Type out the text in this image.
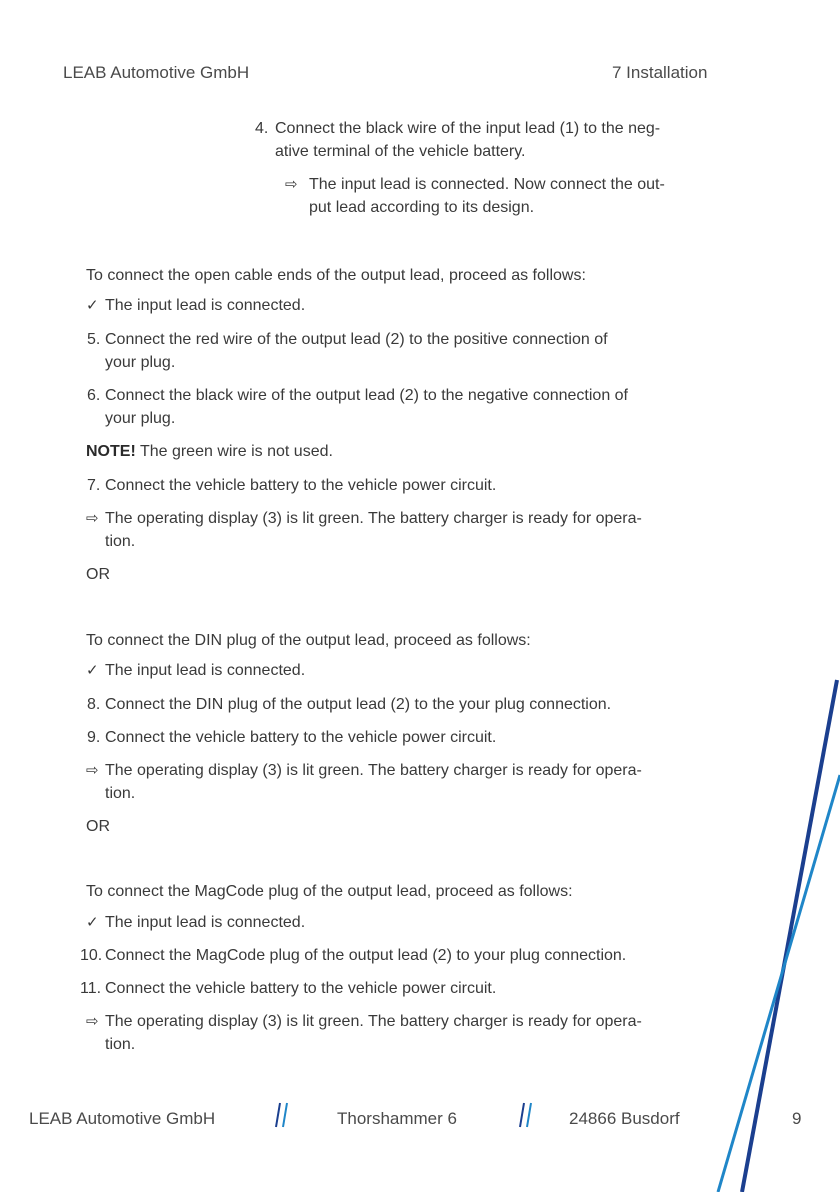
LEAB Automotive GmbH	7 Installation
4. Connect the black wire of the input lead (1) to the neg-
ative terminal of the vehicle battery.
⇨ The input lead is connected. Now connect the out-
put lead according to its design.
To connect the open cable ends of the output lead, proceed as follows:
✓ The input lead is connected.
5. Connect the red wire of the output lead (2) to the positive connection of
your plug.
6. Connect the black wire of the output lead (2) to the negative connection of
your plug.
NOTE! The green wire is not used.
7. Connect the vehicle battery to the vehicle power circuit.
⇨ The operating display (3) is lit green. The battery charger is ready for opera-
tion.
OR
To connect the DIN plug of the output lead, proceed as follows:
✓ The input lead is connected.
8. Connect the DIN plug of the output lead (2) to the your plug connection.
9. Connect the vehicle battery to the vehicle power circuit.
⇨ The operating display (3) is lit green. The battery charger is ready for opera-
tion.
OR
To connect the MagCode plug of the output lead, proceed as follows:
✓ The input lead is connected.
10. Connect the MagCode plug of the output lead (2) to your plug connection.
11. Connect the vehicle battery to the vehicle power circuit.
⇨ The operating display (3) is lit green. The battery charger is ready for opera-
tion.
LEAB Automotive GmbH	Thorshammer 6	24866 Busdorf	9
